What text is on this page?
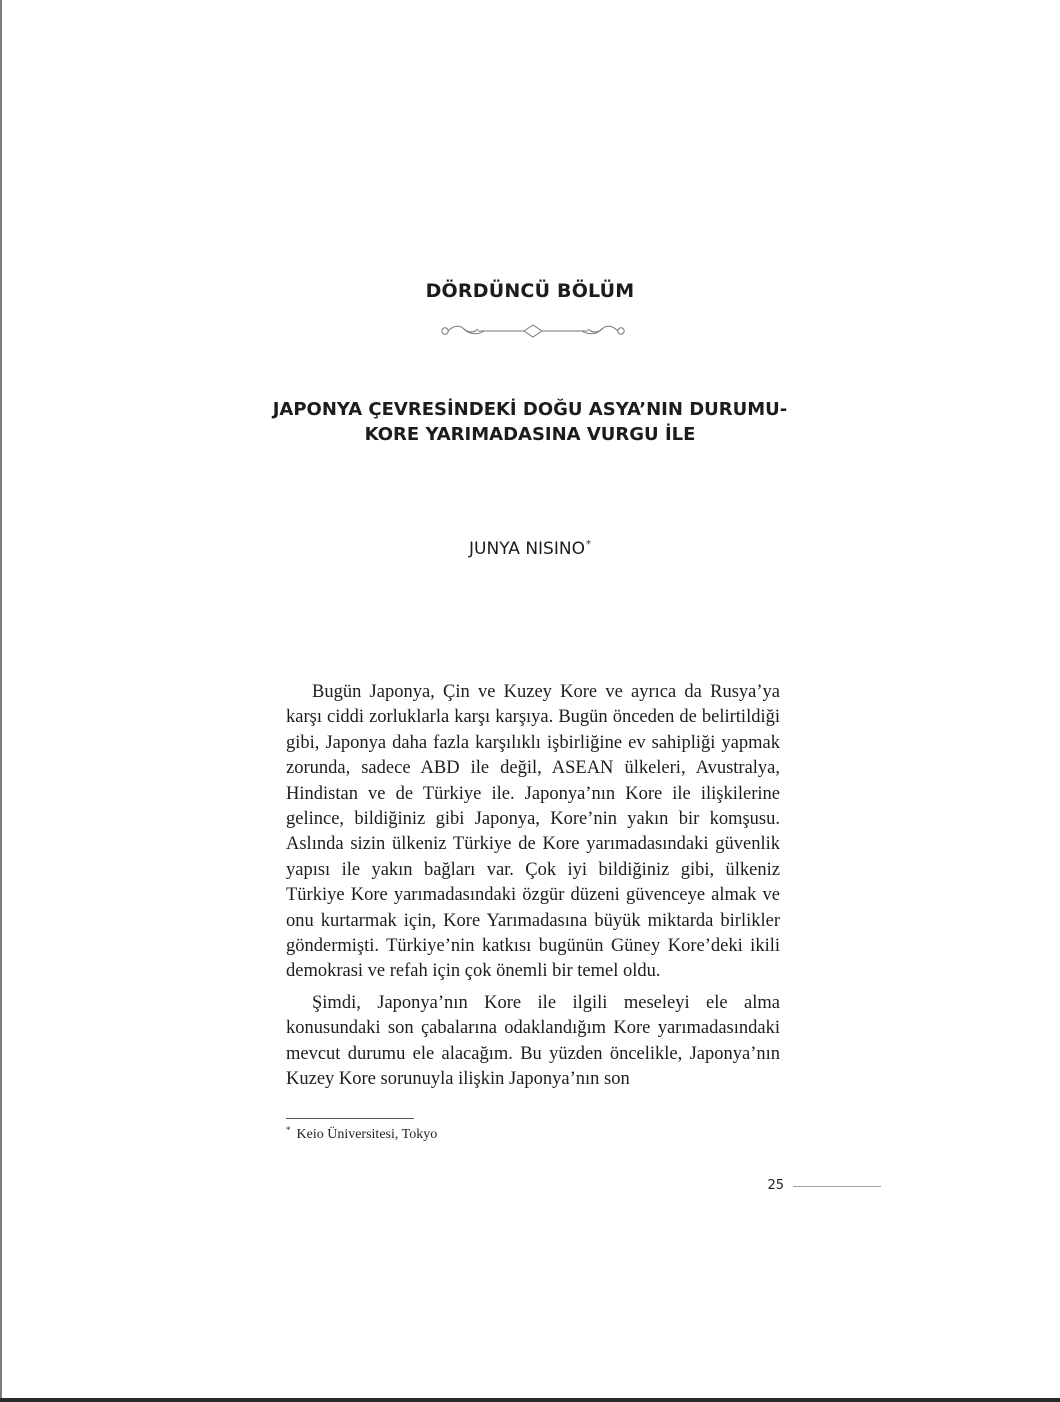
DÖRDÜNCÜ BÖLÜM
JAPONYA ÇEVRESİNDEKİ DOĞU ASYA’NIN DURUMU-
KORE YARIMADASINA VURGU İLE
JUNYA NISINO*

Bugün Japonya, Çin ve Kuzey Kore ve ayrıca da Rusya’ya karşı ciddi zorluklarla karşı karşıya. Bugün önceden de belirtildiği gibi, Japonya daha fazla karşılıklı işbirliğine ev sahipliği yapmak zorunda, sadece ABD ile değil, ASEAN ülkeleri, Avustralya, Hindistan ve de Türkiye ile. Japonya’nın Kore ile ilişkilerine gelince, bildiğiniz gibi Japonya, Kore’nin yakın bir komşusu. Aslında sizin ülkeniz Türkiye de Kore yarımadasındaki güvenlik yapısı ile yakın bağları var. Çok iyi bildiğiniz gibi, ülkeniz Türkiye Kore yarımadasındaki özgür düzeni güvenceye almak ve onu kurtarmak için, Kore Yarımadasına büyük miktarda birlikler göndermişti. Türkiye’nin katkısı bugünün Güney Kore’deki ikili demokrasi ve refah için çok önemli bir temel oldu.

Şimdi, Japonya’nın Kore ile ilgili meseleyi ele alma konusundaki son çabalarına odaklandığım Kore yarımadasındaki mevcut durumu ele alacağım. Bu yüzden öncelikle, Japonya’nın Kuzey Kore sorunuyla ilişkin Japonya’nın son

* Keio Üniversitesi, Tokyo
25
